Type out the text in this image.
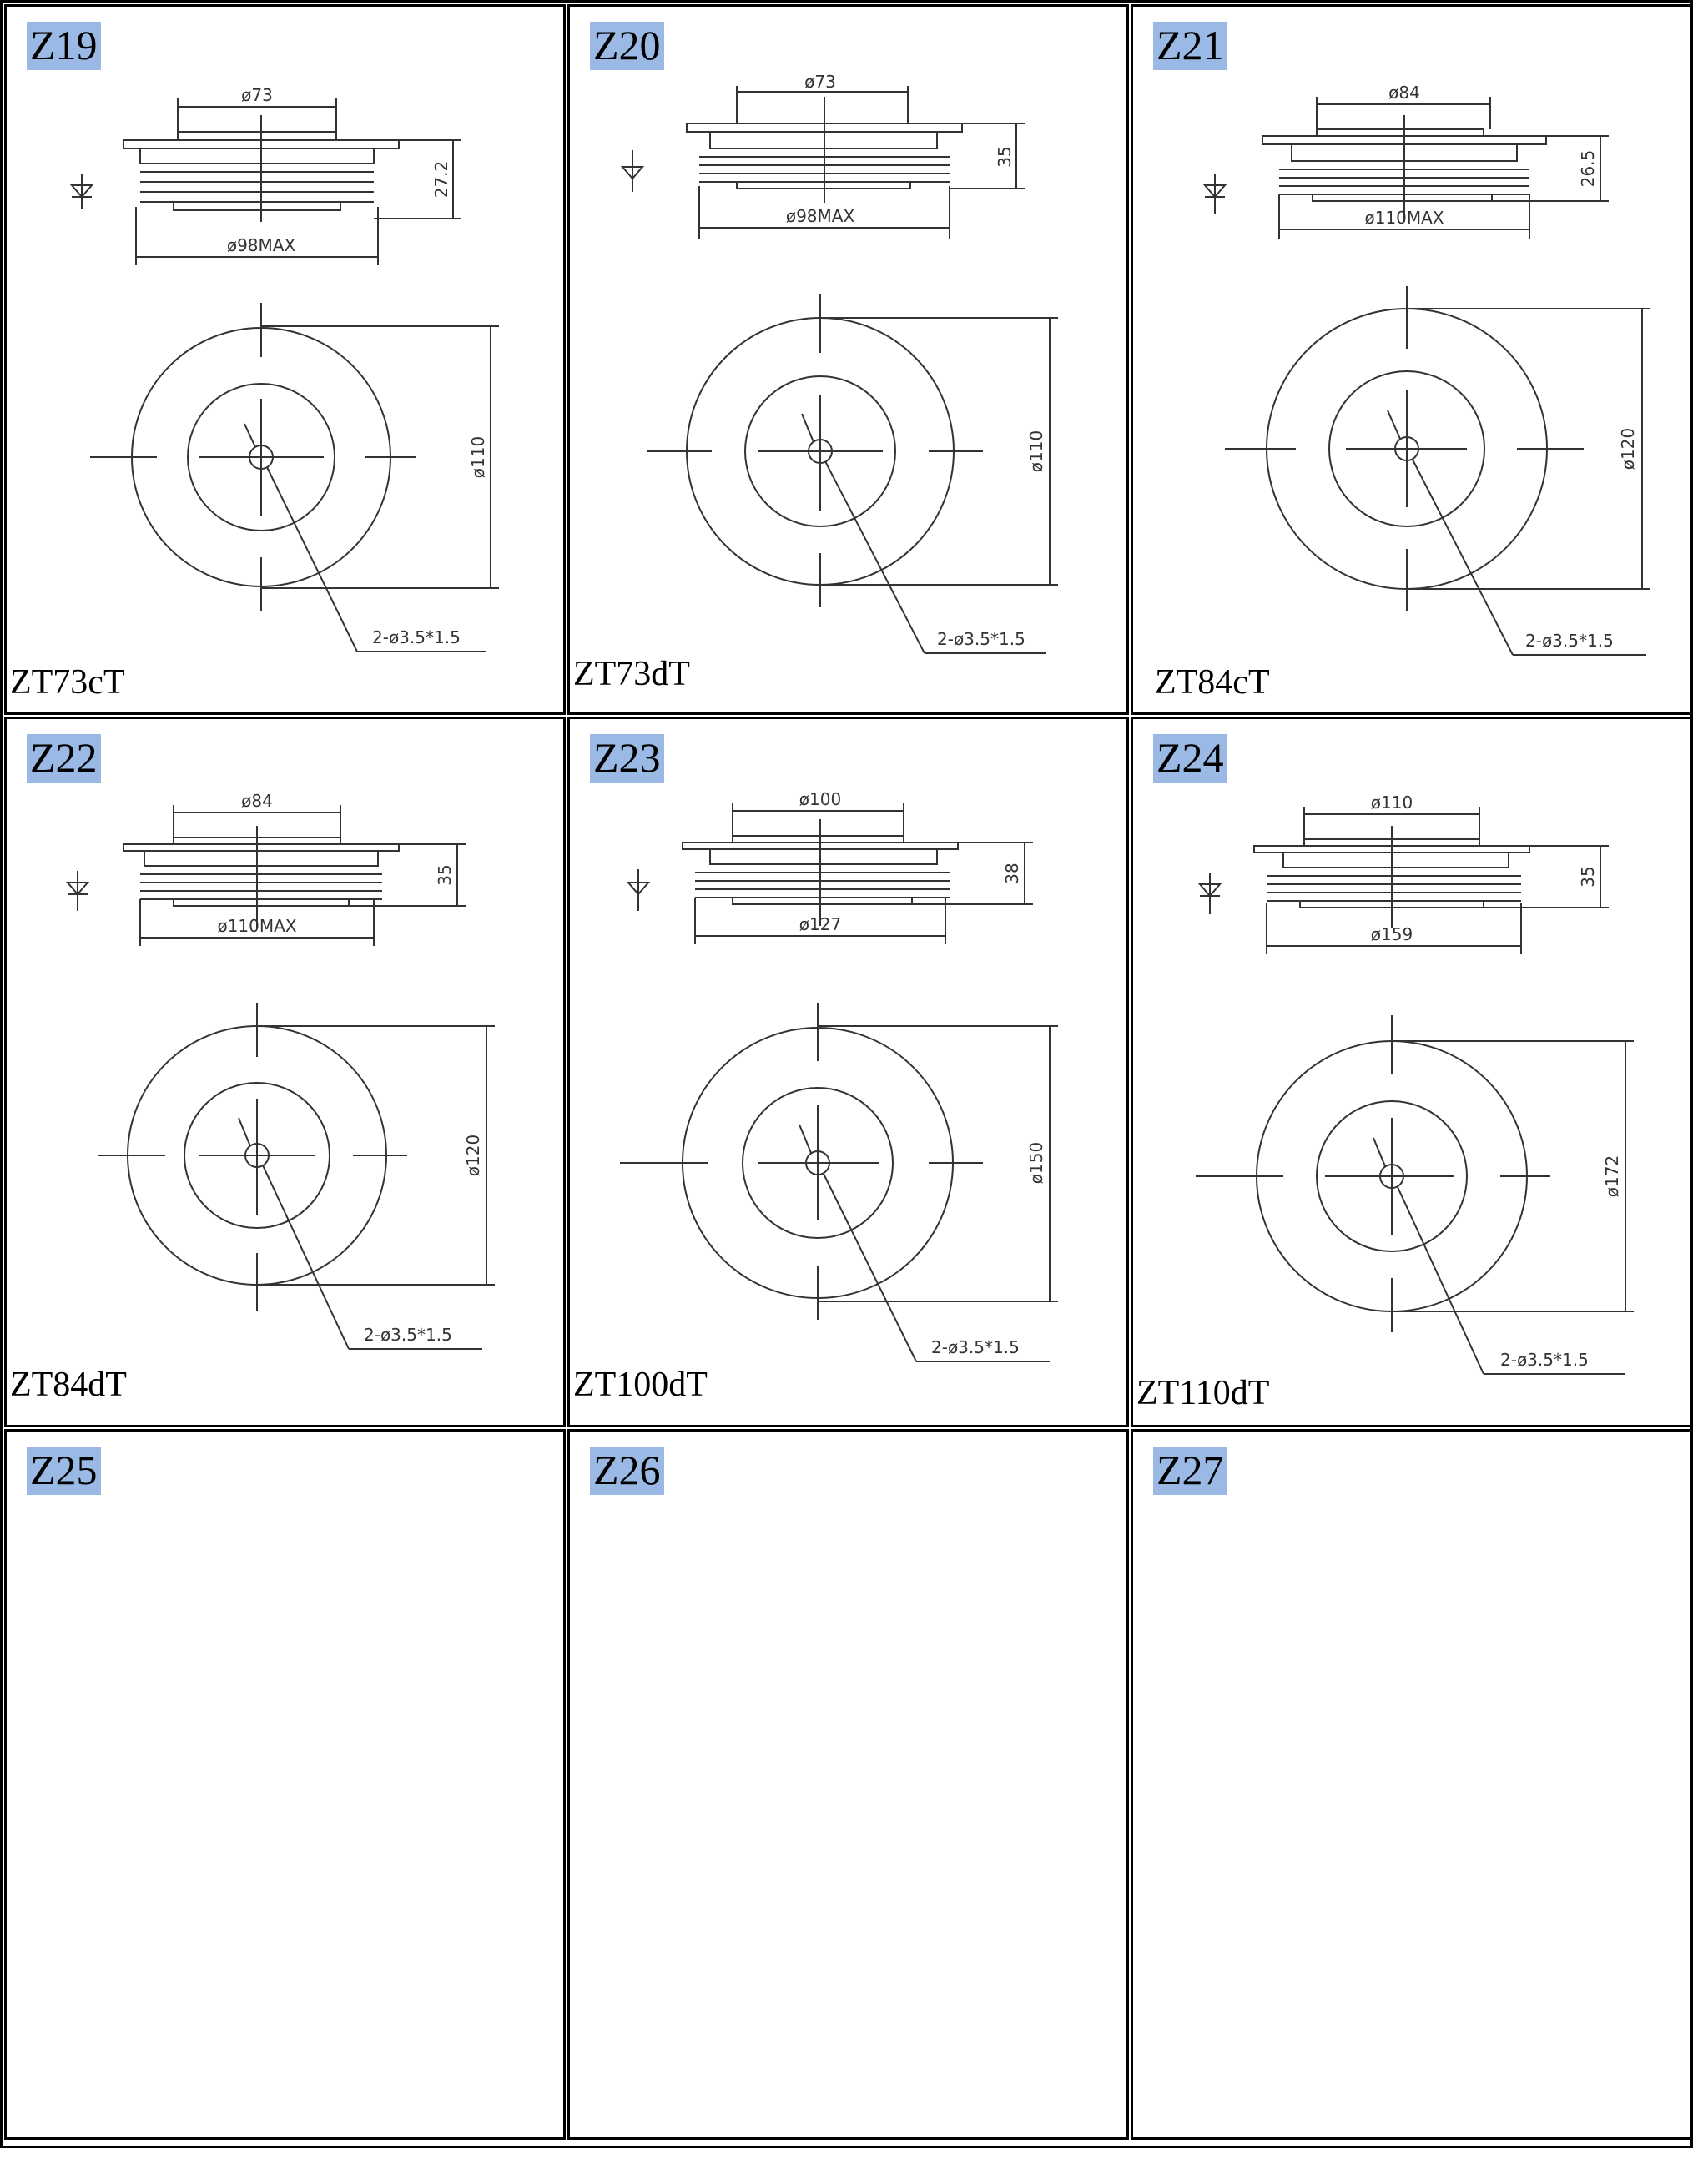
Z19
ø73
ø98MAX
27.2
ø110
2-ø3.5*1.5
ZT73cT
Z20
ø73
ø98MAX
35
ø110
2-ø3.5*1.5
ZT73dT
Z21
ø84
ø110MAX
26.5
ø120
2-ø3.5*1.5
ZT84cT
Z22
ø84
ø110MAX
35
ø120
2-ø3.5*1.5
ZT84dT
Z23
ø100
ø127
38
ø150
2-ø3.5*1.5
ZT100dT
Z24
ø110
ø159
35
ø172
2-ø3.5*1.5
ZT110dT
Z25	Z26	Z27
